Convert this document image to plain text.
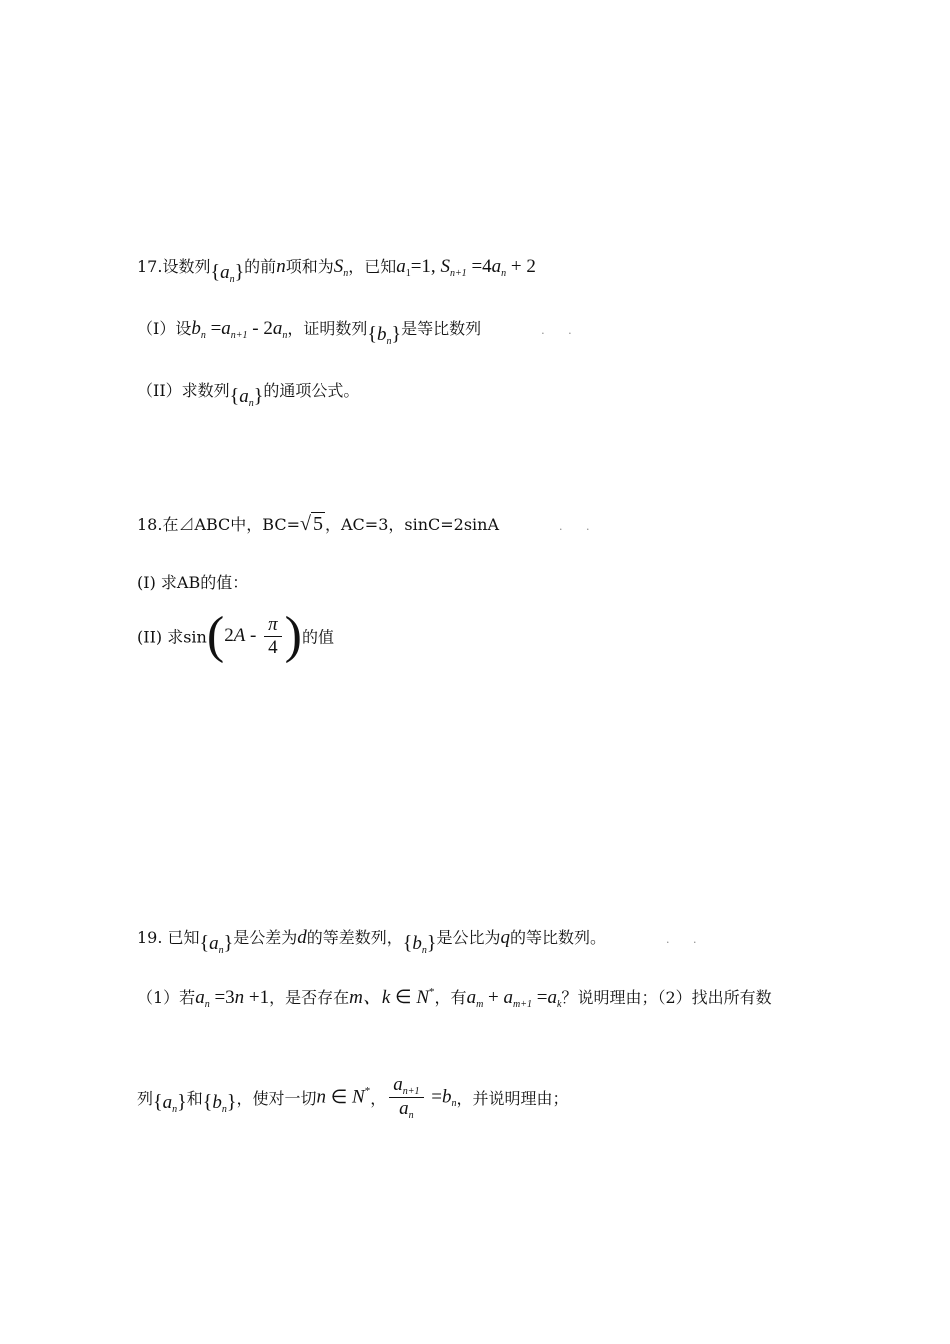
17.设数列$\{a_n\}$的前n项和为$S_n$，已知$a_1=1$, $S_{n+1} =4a_n + 2$
（I）设$b_n =a_{n+1} - 2a_n$，证明数列$\{b_n\}$是等比数列	. .
（II）求数列$\{a_n\}$的通项公式。
18.在⊿ABC中，BC=√ 5 ，AC=3，sinC=2sinA	. .
(I) 求AB的值：
(II) 求$\sin(2A - \frac{\pi}{4}$ )的值
19. 已知$\{a_n\}$是公差为d的等差数列，$\{b_n\}$是公比为q的等比数列。	. .
（1）若$a_n =3n +1$，是否存在m、k ∈ N*，有$a_m + a_{m+1} =a_k$？说明理由；（2）找出所有数
列$\{a_n\}$和$\{b_n\}$，使对一切n ∈ N*， $\frac{a_{n+1}}{a_n} =b_n$，并说明理由；
